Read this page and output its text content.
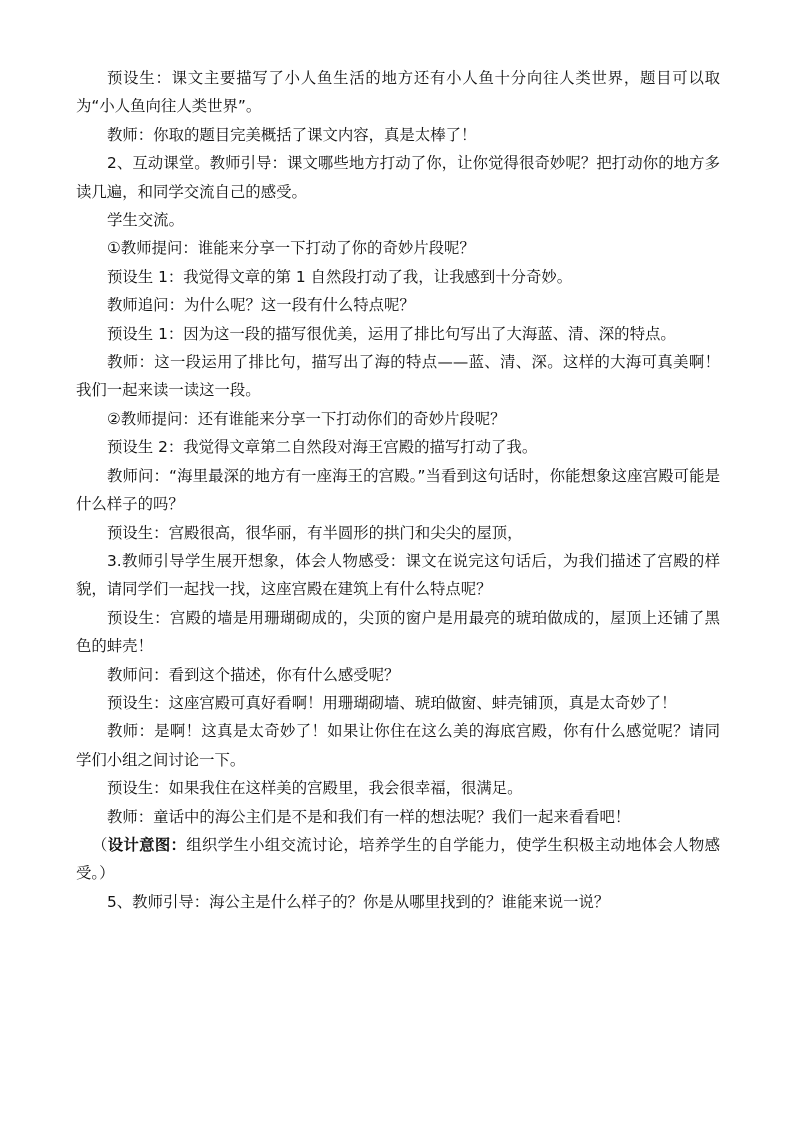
预设生：课文主要描写了小人鱼生活的地方还有小人鱼十分向往人类世界，题目可以取为“小人鱼向往人类世界”。

教师：你取的题目完美概括了课文内容，真是太棒了！

2、互动课堂。教师引导：课文哪些地方打动了你，让你觉得很奇妙呢？把打动你的地方多读几遍，和同学交流自己的感受。

学生交流。

①教师提问：谁能来分享一下打动了你的奇妙片段呢？

预设生 1：我觉得文章的第 1 自然段打动了我，让我感到十分奇妙。

教师追问：为什么呢？这一段有什么特点呢？

预设生 1：因为这一段的描写很优美，运用了排比句写出了大海蓝、清、深的特点。

教师：这一段运用了排比句，描写出了海的特点——蓝、清、深。这样的大海可真美啊！我们一起来读一读这一段。

②教师提问：还有谁能来分享一下打动你们的奇妙片段呢？

预设生 2：我觉得文章第二自然段对海王宫殿的描写打动了我。

教师问：“海里最深的地方有一座海王的宫殿。”当看到这句话时，你能想象这座宫殿可能是什么样子的吗？

预设生：宫殿很高，很华丽，有半圆形的拱门和尖尖的屋顶，

3.教师引导学生展开想象，体会人物感受：课文在说完这句话后，为我们描述了宫殿的样貌，请同学们一起找一找，这座宫殿在建筑上有什么特点呢？

预设生：宫殿的墙是用珊瑚砌成的，尖顶的窗户是用最亮的琥珀做成的，屋顶上还铺了黑色的蚌壳！

教师问：看到这个描述，你有什么感受呢？

预设生：这座宫殿可真好看啊！用珊瑚砌墙、琥珀做窗、蚌壳铺顶，真是太奇妙了！

教师：是啊！这真是太奇妙了！如果让你住在这么美的海底宫殿，你有什么感觉呢？请同学们小组之间讨论一下。

预设生：如果我住在这样美的宫殿里，我会很幸福，很满足。

教师：童话中的海公主们是不是和我们有一样的想法呢？我们一起来看看吧！

（设计意图：组织学生小组交流讨论，培养学生的自学能力，使学生积极主动地体会人物感受。）

5、教师引导：海公主是什么样子的？你是从哪里找到的？谁能来说一说？
